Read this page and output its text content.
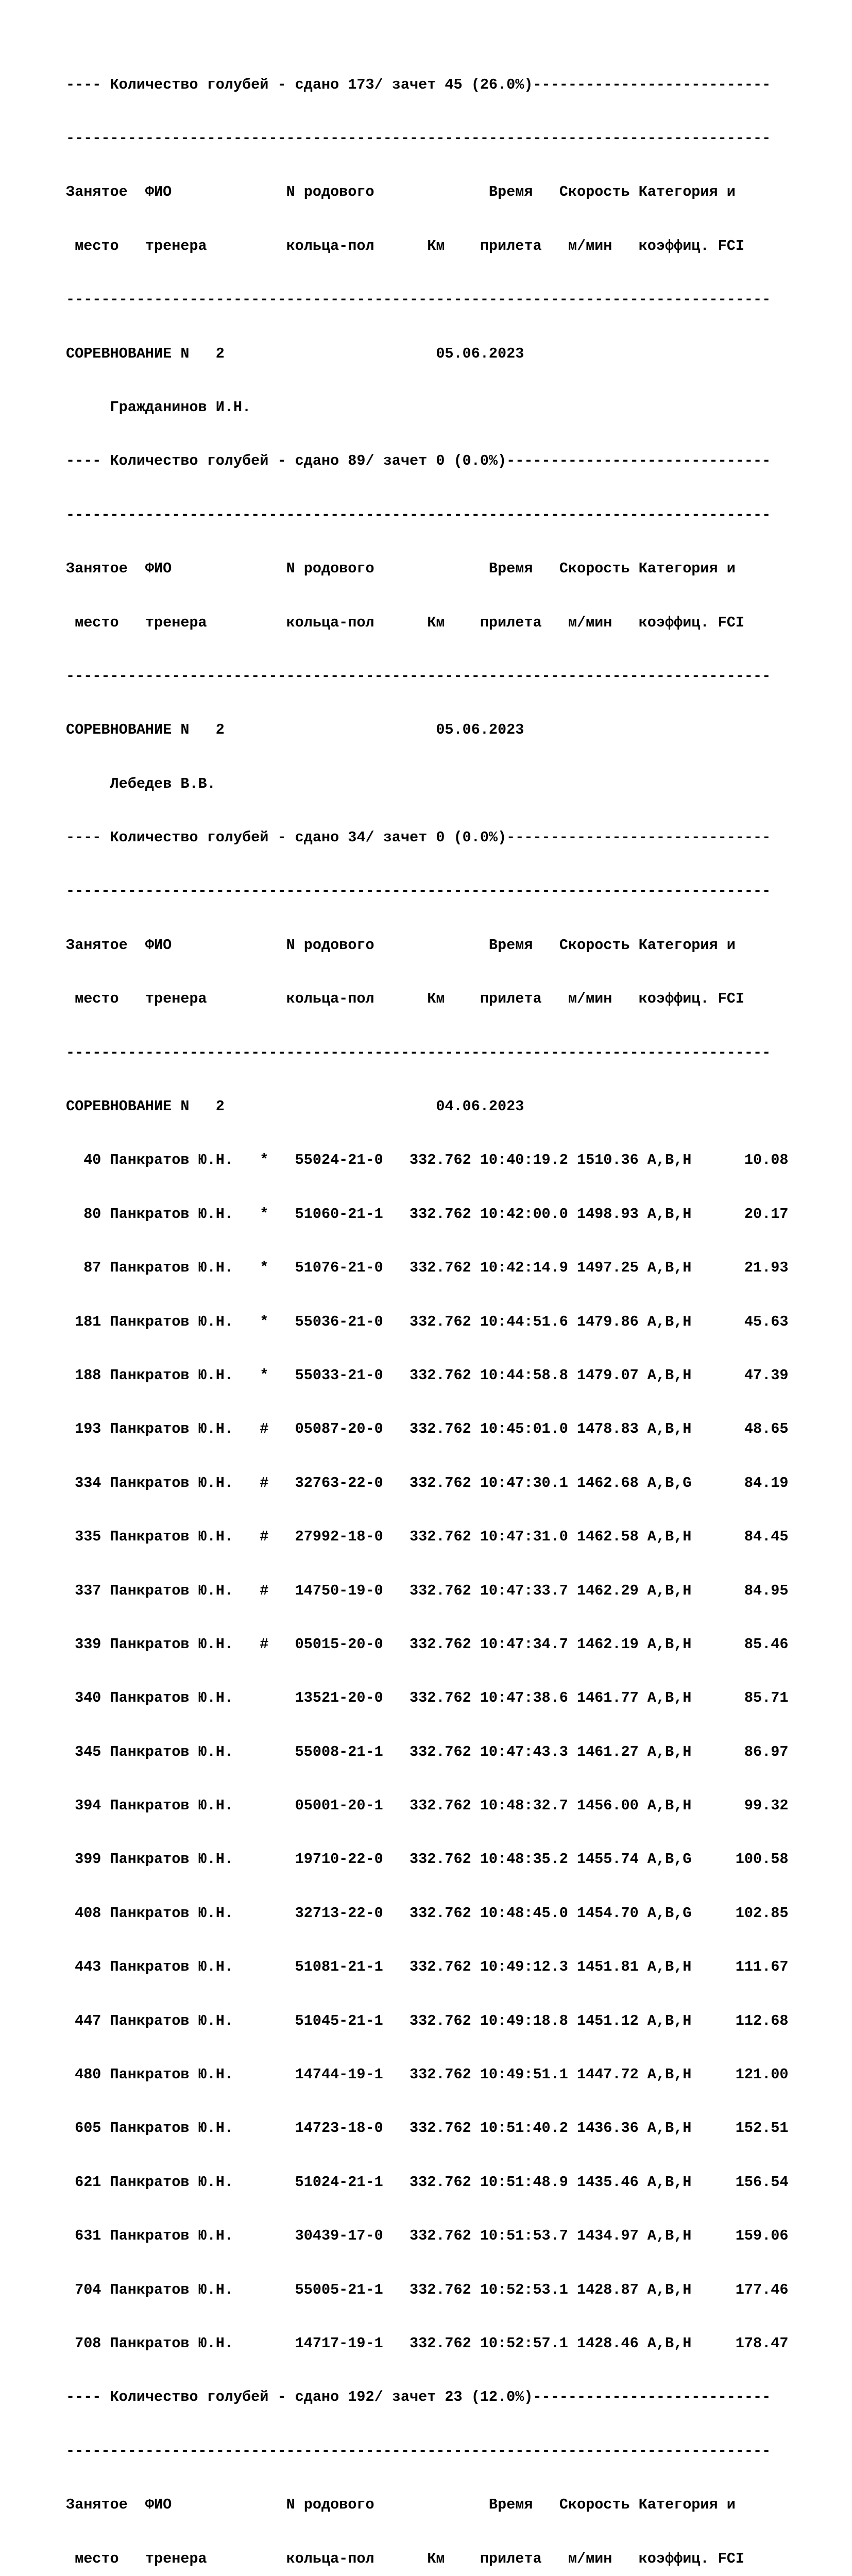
---- Количество голубей - сдано 173/ зачет 45 (26.0%)---------------------------

--------------------------------------------------------------------------------

Занятое  ФИО             N родового             Время   Скорость Категория и

место   тренера         кольца-пол      Км    прилета   м/мин   коэффиц. FCI

--------------------------------------------------------------------------------

СОРЕВНОВАНИЕ N   2                        05.06.2023

Гражданинов И.Н.

---- Количество голубей - сдано 89/ зачет 0 (0.0%)------------------------------

--------------------------------------------------------------------------------

Занятое  ФИО             N родового             Время   Скорость Категория и

место   тренера         кольца-пол      Км    прилета   м/мин   коэффиц. FCI

--------------------------------------------------------------------------------

СОРЕВНОВАНИЕ N   2                        05.06.2023

Лебедев В.В.

---- Количество голубей - сдано 34/ зачет 0 (0.0%)------------------------------

--------------------------------------------------------------------------------

Занятое  ФИО             N родового             Время   Скорость Категория и

место   тренера         кольца-пол      Км    прилета   м/мин   коэффиц. FCI

--------------------------------------------------------------------------------

СОРЕВНОВАНИЕ N   2                        04.06.2023

40 Панкратов Ю.Н.   *   55024-21-0   332.762 10:40:19.2 1510.36 A,B,H      10.08

80 Панкратов Ю.Н.   *   51060-21-1   332.762 10:42:00.0 1498.93 A,B,H      20.17

87 Панкратов Ю.Н.   *   51076-21-0   332.762 10:42:14.9 1497.25 A,B,H      21.93

181 Панкратов Ю.Н.   *   55036-21-0   332.762 10:44:51.6 1479.86 A,B,H      45.63

188 Панкратов Ю.Н.   *   55033-21-0   332.762 10:44:58.8 1479.07 A,B,H      47.39

193 Панкратов Ю.Н.   #   05087-20-0   332.762 10:45:01.0 1478.83 A,B,H      48.65

334 Панкратов Ю.Н.   #   32763-22-0   332.762 10:47:30.1 1462.68 A,B,G      84.19

335 Панкратов Ю.Н.   #   27992-18-0   332.762 10:47:31.0 1462.58 A,B,H      84.45

337 Панкратов Ю.Н.   #   14750-19-0   332.762 10:47:33.7 1462.29 A,B,H      84.95

339 Панкратов Ю.Н.   #   05015-20-0   332.762 10:47:34.7 1462.19 A,B,H      85.46

340 Панкратов Ю.Н.       13521-20-0   332.762 10:47:38.6 1461.77 A,B,H      85.71

345 Панкратов Ю.Н.       55008-21-1   332.762 10:47:43.3 1461.27 A,B,H      86.97

394 Панкратов Ю.Н.       05001-20-1   332.762 10:48:32.7 1456.00 A,B,H      99.32

399 Панкратов Ю.Н.       19710-22-0   332.762 10:48:35.2 1455.74 A,B,G     100.58

408 Панкратов Ю.Н.       32713-22-0   332.762 10:48:45.0 1454.70 A,B,G     102.85

443 Панкратов Ю.Н.       51081-21-1   332.762 10:49:12.3 1451.81 A,B,H     111.67

447 Панкратов Ю.Н.       51045-21-1   332.762 10:49:18.8 1451.12 A,B,H     112.68

480 Панкратов Ю.Н.       14744-19-1   332.762 10:49:51.1 1447.72 A,B,H     121.00

605 Панкратов Ю.Н.       14723-18-0   332.762 10:51:40.2 1436.36 A,B,H     152.51

621 Панкратов Ю.Н.       51024-21-1   332.762 10:51:48.9 1435.46 A,B,H     156.54

631 Панкратов Ю.Н.       30439-17-0   332.762 10:51:53.7 1434.97 A,B,H     159.06

704 Панкратов Ю.Н.       55005-21-1   332.762 10:52:53.1 1428.87 A,B,H     177.46

708 Панкратов Ю.Н.       14717-19-1   332.762 10:52:57.1 1428.46 A,B,H     178.47

---- Количество голубей - сдано 192/ зачет 23 (12.0%)---------------------------

--------------------------------------------------------------------------------

Занятое  ФИО             N родового             Время   Скорость Категория и

место   тренера         кольца-пол      Км    прилета   м/мин   коэффиц. FCI
